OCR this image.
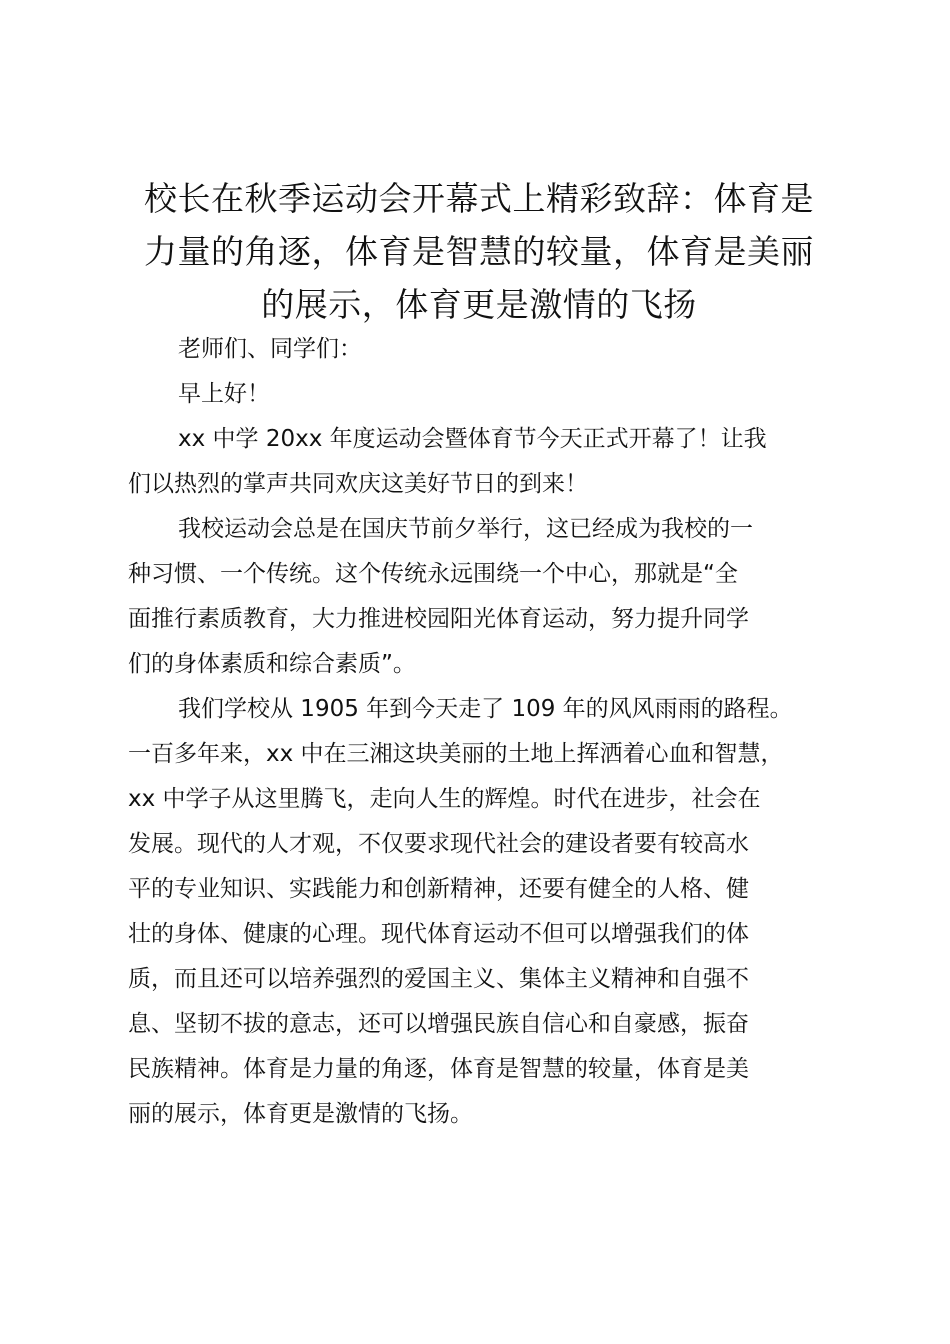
校长在秋季运动会开幕式上精彩致辞：体育是
力量的角逐，体育是智慧的较量，体育是美丽
的展示，体育更是激情的飞扬

老师们、同学们：

早上好！

xx 中学 20xx 年度运动会暨体育节今天正式开幕了！让我
们以热烈的掌声共同欢庆这美好节日的到来！

我校运动会总是在国庆节前夕举行，这已经成为我校的一
种习惯、一个传统。这个传统永远围绕一个中心，那就是“全
面推行素质教育，大力推进校园阳光体育运动，努力提升同学
们的身体素质和综合素质”。

我们学校从 1905 年到今天走了 109 年的风风雨雨的路程。
一百多年来，xx 中在三湘这块美丽的土地上挥洒着心血和智慧，
xx 中学子从这里腾飞，走向人生的辉煌。时代在进步，社会在
发展。现代的人才观，不仅要求现代社会的建设者要有较高水
平的专业知识、实践能力和创新精神，还要有健全的人格、健
壮的身体、健康的心理。现代体育运动不但可以增强我们的体
质，而且还可以培养强烈的爱国主义、集体主义精神和自强不
息、坚韧不拔的意志，还可以增强民族自信心和自豪感，振奋
民族精神。体育是力量的角逐，体育是智慧的较量，体育是美
丽的展示，体育更是激情的飞扬。
